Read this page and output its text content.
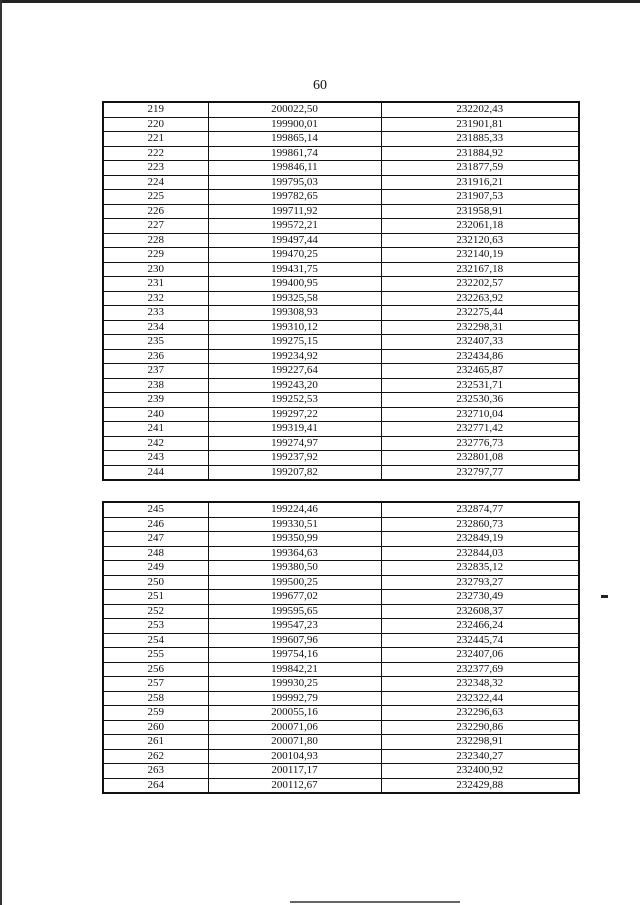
60
219	200022,50	232202,43
220	199900,01	231901,81
221	199865,14	231885,33
222	199861,74	231884,92
223	199846,11	231877,59
224	199795,03	231916,21
225	199782,65	231907,53
226	199711,92	231958,91
227	199572,21	232061,18
228	199497,44	232120,63
229	199470,25	232140,19
230	199431,75	232167,18
231	199400,95	232202,57
232	199325,58	232263,92
233	199308,93	232275,44
234	199310,12	232298,31
235	199275,15	232407,33
236	199234,92	232434,86
237	199227,64	232465,87
238	199243,20	232531,71
239	199252,53	232530,36
240	199297,22	232710,04
241	199319,41	232771,42
242	199274,97	232776,73
243	199237,92	232801,08
244	199207,82	232797,77
245	199224,46	232874,77
246	199330,51	232860,73
247	199350,99	232849,19
248	199364,63	232844,03
249	199380,50	232835,12
250	199500,25	232793,27
251	199677,02	232730,49
252	199595,65	232608,37
253	199547,23	232466,24
254	199607,96	232445,74
255	199754,16	232407,06
256	199842,21	232377,69
257	199930,25	232348,32
258	199992,79	232322,44
259	200055,16	232296,63
260	200071,06	232290,86
261	200071,80	232298,91
262	200104,93	232340,27
263	200117,17	232400,92
264	200112,67	232429,88
